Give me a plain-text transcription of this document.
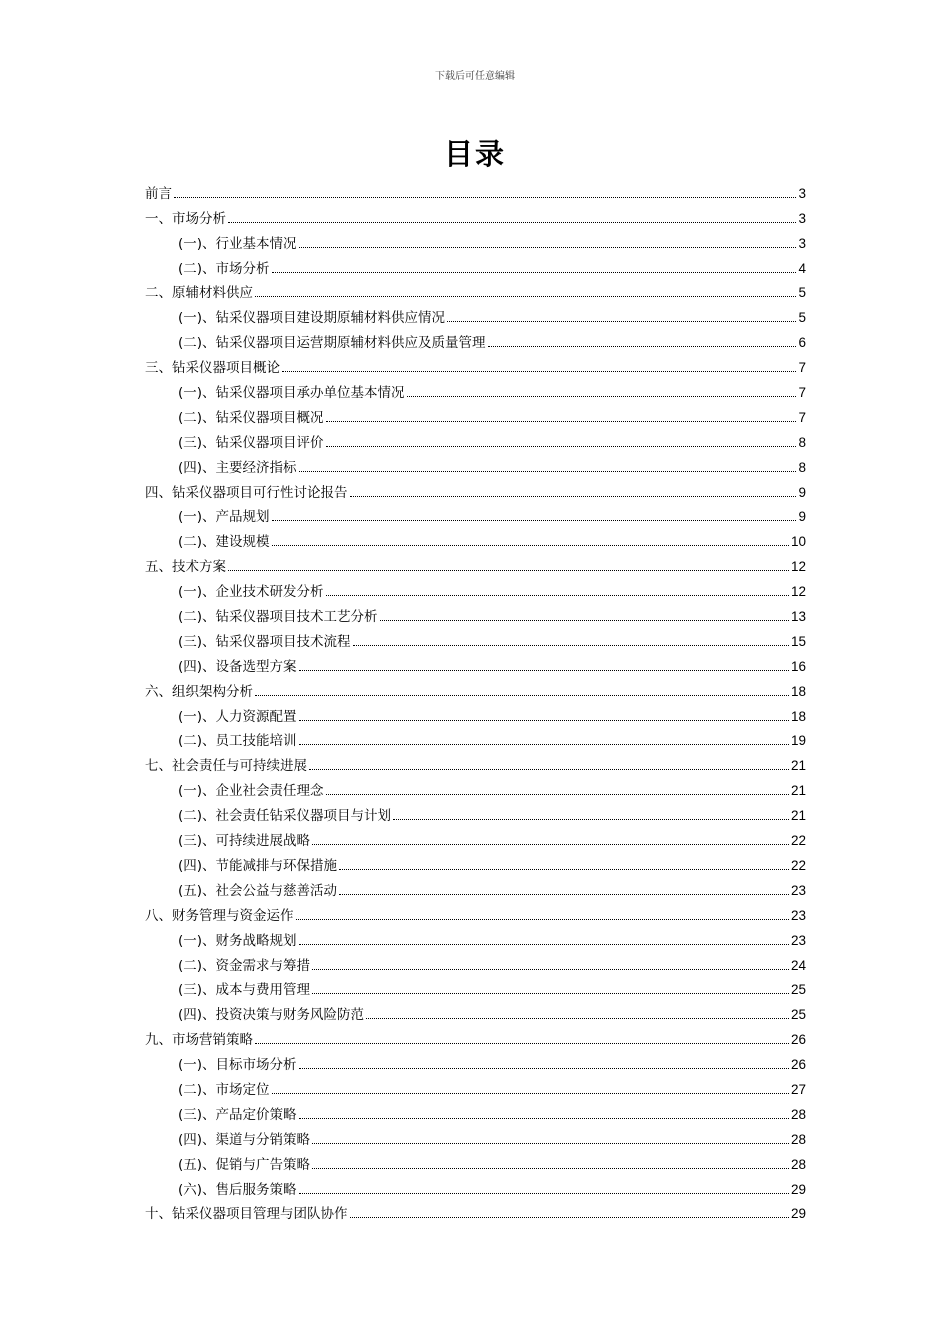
下载后可任意编辑
目录
前言	3
一、市场分析	3
(一)、行业基本情况	3
(二)、市场分析	4
二、原辅材料供应	5
(一)、钻采仪器项目建设期原辅材料供应情况	5
(二)、钻采仪器项目运营期原辅材料供应及质量管理	6
三、钻采仪器项目概论	7
(一)、钻采仪器项目承办单位基本情况	7
(二)、钻采仪器项目概况	7
(三)、钻采仪器项目评价	8
(四)、主要经济指标	8
四、钻采仪器项目可行性讨论报告	9
(一)、产品规划	9
(二)、建设规模	10
五、技术方案	12
(一)、企业技术研发分析	12
(二)、钻采仪器项目技术工艺分析	13
(三)、钻采仪器项目技术流程	15
(四)、设备选型方案	16
六、组织架构分析	18
(一)、人力资源配置	18
(二)、员工技能培训	19
七、社会责任与可持续进展	21
(一)、企业社会责任理念	21
(二)、社会责任钻采仪器项目与计划	21
(三)、可持续进展战略	22
(四)、节能减排与环保措施	22
(五)、社会公益与慈善活动	23
八、财务管理与资金运作	23
(一)、财务战略规划	23
(二)、资金需求与筹措	24
(三)、成本与费用管理	25
(四)、投资决策与财务风险防范	25
九、市场营销策略	26
(一)、目标市场分析	26
(二)、市场定位	27
(三)、产品定价策略	28
(四)、渠道与分销策略	28
(五)、促销与广告策略	28
(六)、售后服务策略	29
十、钻采仪器项目管理与团队协作	29
